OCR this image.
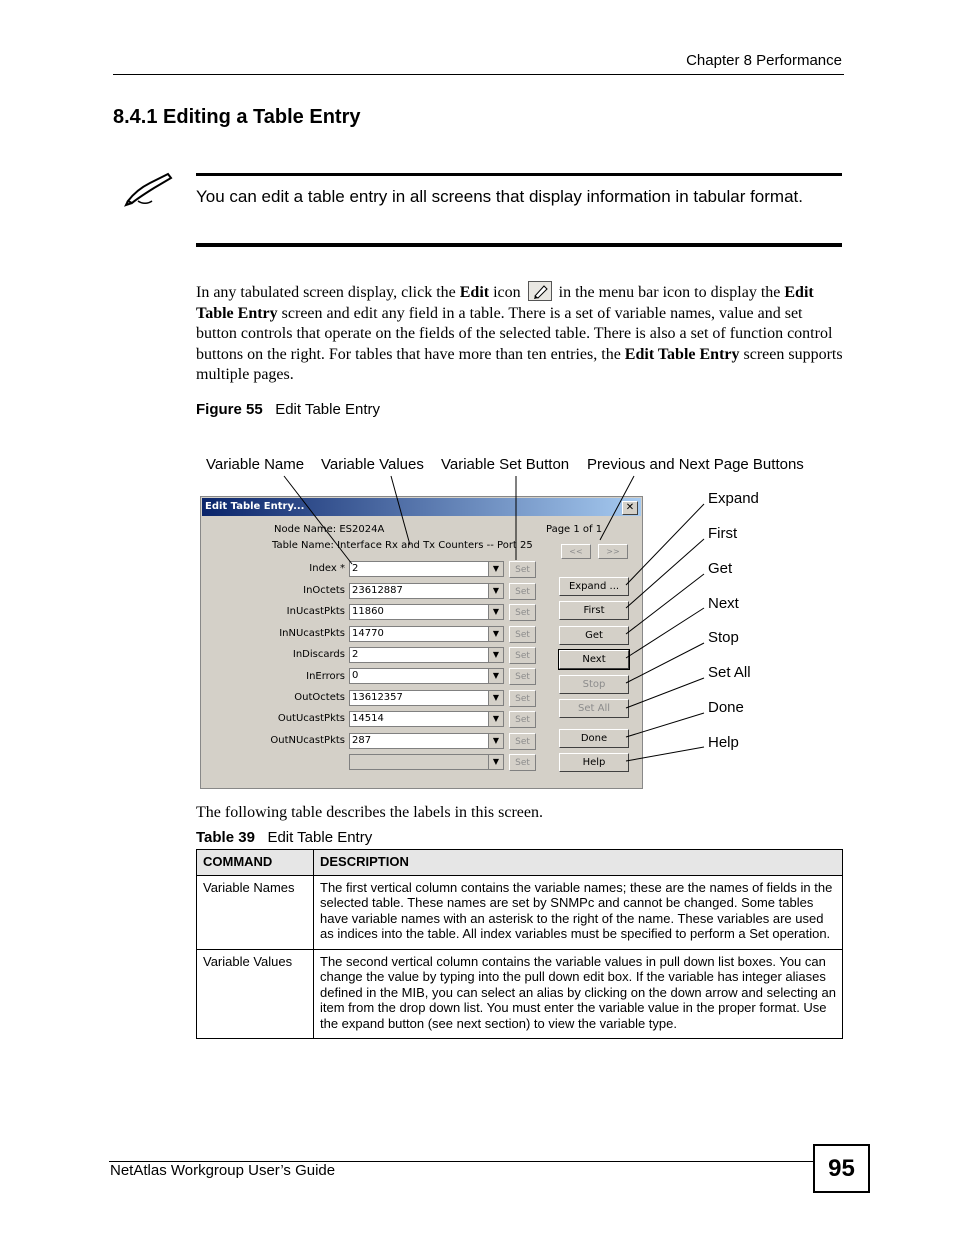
Chapter 8 Performance
8.4.1 Editing a Table Entry
You can edit a table entry in all screens that display information in tabular format.
In any tabulated screen display, click the Edit icon
in the menu bar icon to display the Edit Table Entry screen and edit any field in a table. There is a set of variable names, value and set button controls that operate on the fields of the selected table. There is also a set of function control buttons on the right. For tables that have more than ten entries, the Edit Table Entry screen supports multiple pages.
Figure 55 Edit Table Entry
Variable Name Variable Values Variable Set Button Previous and Next Page Buttons
Expand
First
Get
Next
Stop
Set All
Done
Help
Edit Table Entry...	✕
Node Name: ES2024A
Table Name: Interface Rx and Tx Counters -- Port 25
Page 1 of 1
<<	>>
Index * 2	▼	Set
InOctets 23612887	▼	Set
InUcastPkts 11860	▼	Set
InNUcastPkts 14770	▼	Set
InDiscards 2	▼	Set
InErrors 0	▼	Set
OutOctets 13612357	▼	Set
OutUcastPkts 14514	▼	Set
OutNUcastPkts 287	▼	Set
▼	Set
Expand ...
First
Get
Next
Stop
Set All
Done
Help
The following table describes the labels in this screen.
Table 39 Edit Table Entry
COMMAND	DESCRIPTION
Variable Names	The first vertical column contains the variable names; these are the names of fields in the selected table. These names are set by SNMPc and cannot be changed. Some tables have variable names with an asterisk to the right of the name. These variables are used as indices into the table. All index variables must be specified to perform a Set operation.
Variable Values	The second vertical column contains the variable values in pull down list boxes. You can change the value by typing into the pull down edit box. If the variable has integer aliases defined in the MIB, you can select an alias by clicking on the down arrow and selecting an item from the drop down list. You must enter the variable value in the proper format. Use the expand button (see next section) to view the variable type.
NetAtlas Workgroup User’s Guide	95
